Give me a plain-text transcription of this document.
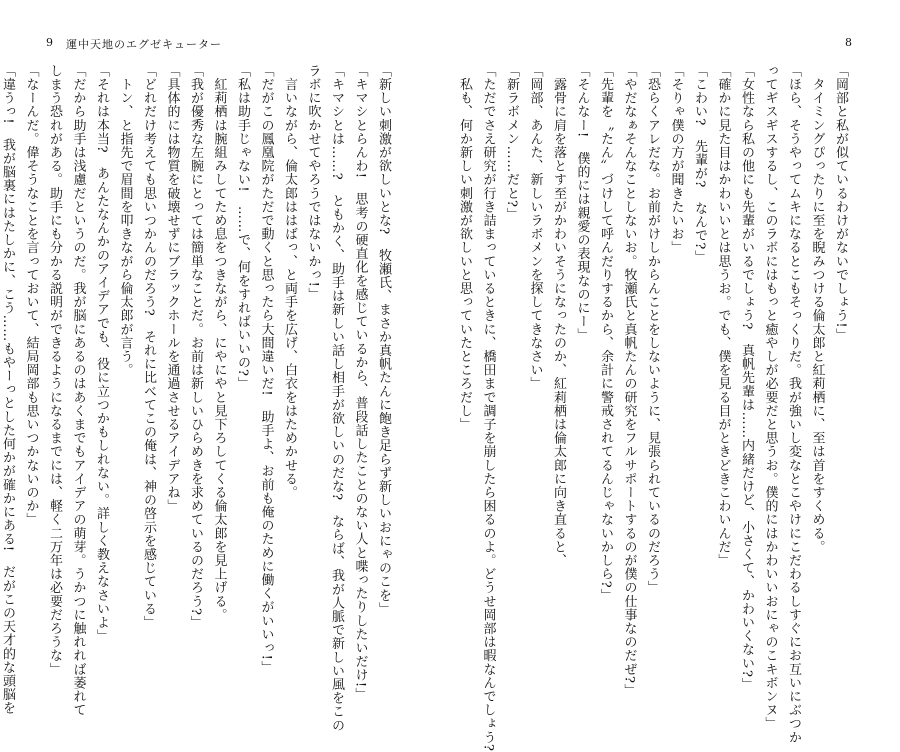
9 運中天地のエグゼキューター	8
「岡部と私が似ているわけがないでしょう!」
　タイミングぴったりに至を睨みつける倫太郎と紅莉栖に、至は首をすくめる。
「ほら、そうやってムキになるとこもそっくりだ。我が強いし変なとこやけにこだわるしすぐにお互いにぶつか
ってギスギスするし、このラボにはもっと癒やしが必要だと思うお。僕的にはかわいいおにゃのこキボンヌ」
「女性なら私の他にも先輩がいるでしょう?　真帆先輩は……内緒だけど、小さくて、かわいくない?」
「確かに見た目はかわいいとは思うお。でも、僕を見る目がときどきこわいんだ」
「こわい?　先輩が?　なんで?」
「そりゃ僕の方が聞きたいお」
「恐らくアレだな。お前がけしからんことをしないように、見張られているのだろう」
「やだなぁそんなことしないお。牧瀬氏と真帆たんの研究をフルサポートするのが僕の仕事なのだぜ?」
「先輩を〝たん〟づけして呼んだりするから、余計に警戒されてるんじゃないかしら?」
「そんなー!　僕的には親愛の表現なのにー」
　露骨に肩を落とす至がかわいそうになったのか、紅莉栖は倫太郎に向き直ると、
「岡部、あんた、新しいラボメンを探してきなさい」
「新ラボメン……だと?」
「ただでさえ研究が行き詰まっているときに、橋田まで調子を崩したら困るのよ。どうせ岡部は暇なんでしょう?
　私も、何か新しい刺激が欲しいと思っていたところだし」
「新しい刺激が欲しいとな?　牧瀬氏、まさか真帆たんに飽き足らず新しいおにゃのこを」
「キマシとらんわ!　思考の硬直化を感じているから、普段話したことのない人と喋ったりしたいだけ!」
「キマシとは……?　ともかく、助手は新しい話し相手が欲しいのだな?　ならば、我が人脈で新しい風をこの
ラボに吹かせてやろうではないかっ!」
　言いながら、倫太郎ははばっ、と両手を広げ、白衣をはためかせる。
「だがこの鳳凰院がただで動くと思ったら大間違いだ!　助手よ、お前も俺のために働くがいいっ!」
「私は助手じゃない!　……で、何をすればいいの?」
　紅莉栖は腕組みしてため息をつきながら、にやにやと見下ろしてくる倫太郎を見上げる。
「我が優秀な左腕にとっては簡単なことだ。お前は新しいひらめきを求めているのだろう?」
「具体的には物質を破壊せずにブラックホールを通過させるアイデアね」
「どれだけ考えても思いつかんのだろう?　それに比べてこの俺は、神の啓示を感じている」
　トン、と指先で眉間を叩きながら倫太郎が言う。
「それは本当?　あんたなんかのアイデアでも、役に立つかもしれない。詳しく教えなさいよ」
「だから助手は浅慮だというのだ。我が脳にあるのはあくまでもアイデアの萌芽。うかつに触れれば萎れて
しまう恐れがある。助手にも分かる説明ができるようになるまでには、軽く二万年は必要だろうな」
「なーんだ。偉そうなことを言っておいて、結局岡部も思いつかないのか」
「違うっ!　我が脳裏にはたしかに、こう……もやーっとした何かが確かにある!　だがこの天才的な頭脳を
